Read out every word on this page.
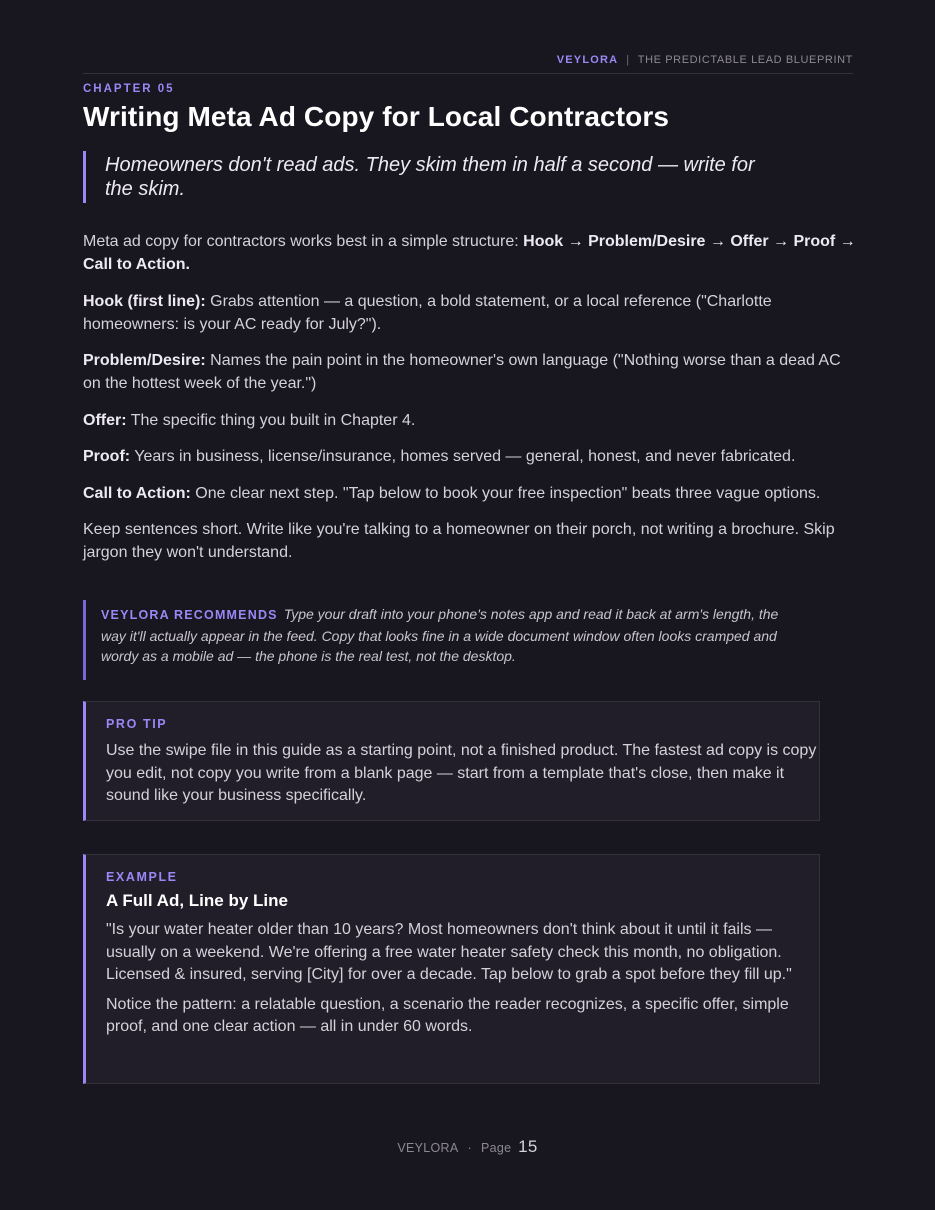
VEYLORA | THE PREDICTABLE LEAD BLUEPRINT
CHAPTER 05
Writing Meta Ad Copy for Local Contractors
Homeowners don't read ads. They skim them in half a second — write for the skim.

Meta ad copy for contractors works best in a simple structure: Hook → Problem/Desire → Offer → Proof → Call to Action.

Hook (first line): Grabs attention — a question, a bold statement, or a local reference ("Charlotte homeowners: is your AC ready for July?").

Problem/Desire: Names the pain point in the homeowner's own language ("Nothing worse than a dead AC on the hottest week of the year.")

Offer: The specific thing you built in Chapter 4.

Proof: Years in business, license/insurance, homes served — general, honest, and never fabricated.

Call to Action: One clear next step. "Tap below to book your free inspection" beats three vague options.

Keep sentences short. Write like you're talking to a homeowner on their porch, not writing a brochure. Skip jargon they won't understand.

VEYLORA RECOMMENDS Type your draft into your phone's notes app and read it back at arm's length, the way it'll actually appear in the feed. Copy that looks fine in a wide document window often looks cramped and wordy as a mobile ad — the phone is the real test, not the desktop.
PRO TIP

Use the swipe file in this guide as a starting point, not a finished product. The fastest ad copy is copy you edit, not copy you write from a blank page — start from a template that's close, then make it sound like your business specifically.

EXAMPLE
A Full Ad, Line by Line

"Is your water heater older than 10 years? Most homeowners don't think about it until it fails — usually on a weekend. We're offering a free water heater safety check this month, no obligation. Licensed & insured, serving [City] for over a decade. Tap below to grab a spot before they fill up."

Notice the pattern: a relatable question, a scenario the reader recognizes, a specific offer, simple proof, and one clear action — all in under 60 words.

VEYLORA · Page 15
